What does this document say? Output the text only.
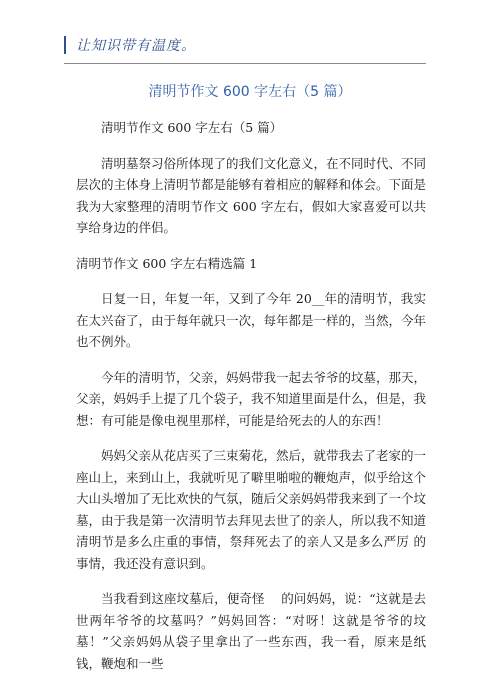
让知识带有温度。
清明节作文 600 字左右（5 篇）

清明节作文 600 字左右（5 篇）

清明墓祭习俗所体现了的我们文化意义，在不同时代、不同层次的主体身上清明节都是能够有着相应的解释和体会。下面是我为大家整理的清明节作文 600 字左右，假如大家喜爱可以共享给身边的伴侣。

清明节作文 600 字左右精选篇 1

日复一日，年复一年，又到了今年 20__年的清明节，我实在太兴奋了，由于每年就只一次，每年都是一样的，当然，今年也不例外。

今年的清明节，父亲，妈妈带我一起去爷爷的坟墓，那天，父亲，妈妈手上提了几个袋子，我不知道里面是什么，但是，我想：有可能是像电视里那样，可能是给死去的人的东西！

妈妈父亲从花店买了三束菊花，然后，就带我去了老家的一座山上，来到山上，我就听见了噼里啪啦的鞭炮声，似乎给这个大山头增加了无比欢快的气氛，随后父亲妈妈带我来到了一个坟墓，由于我是第一次清明节去拜见去世了的亲人，所以我不知道清明节是多么庄重的事情，祭拜死去了的亲人又是多么严厉 的事情，我还没有意识到。

当我看到这座坟墓后，便奇怪　 的问妈妈，说：“这就是去世两年爷爷的坟墓吗？”妈妈回答：“对呀！这就是爷爷的坟墓！”父亲妈妈从袋子里拿出了一些东西，我一看，原来是纸钱，鞭炮和一些
